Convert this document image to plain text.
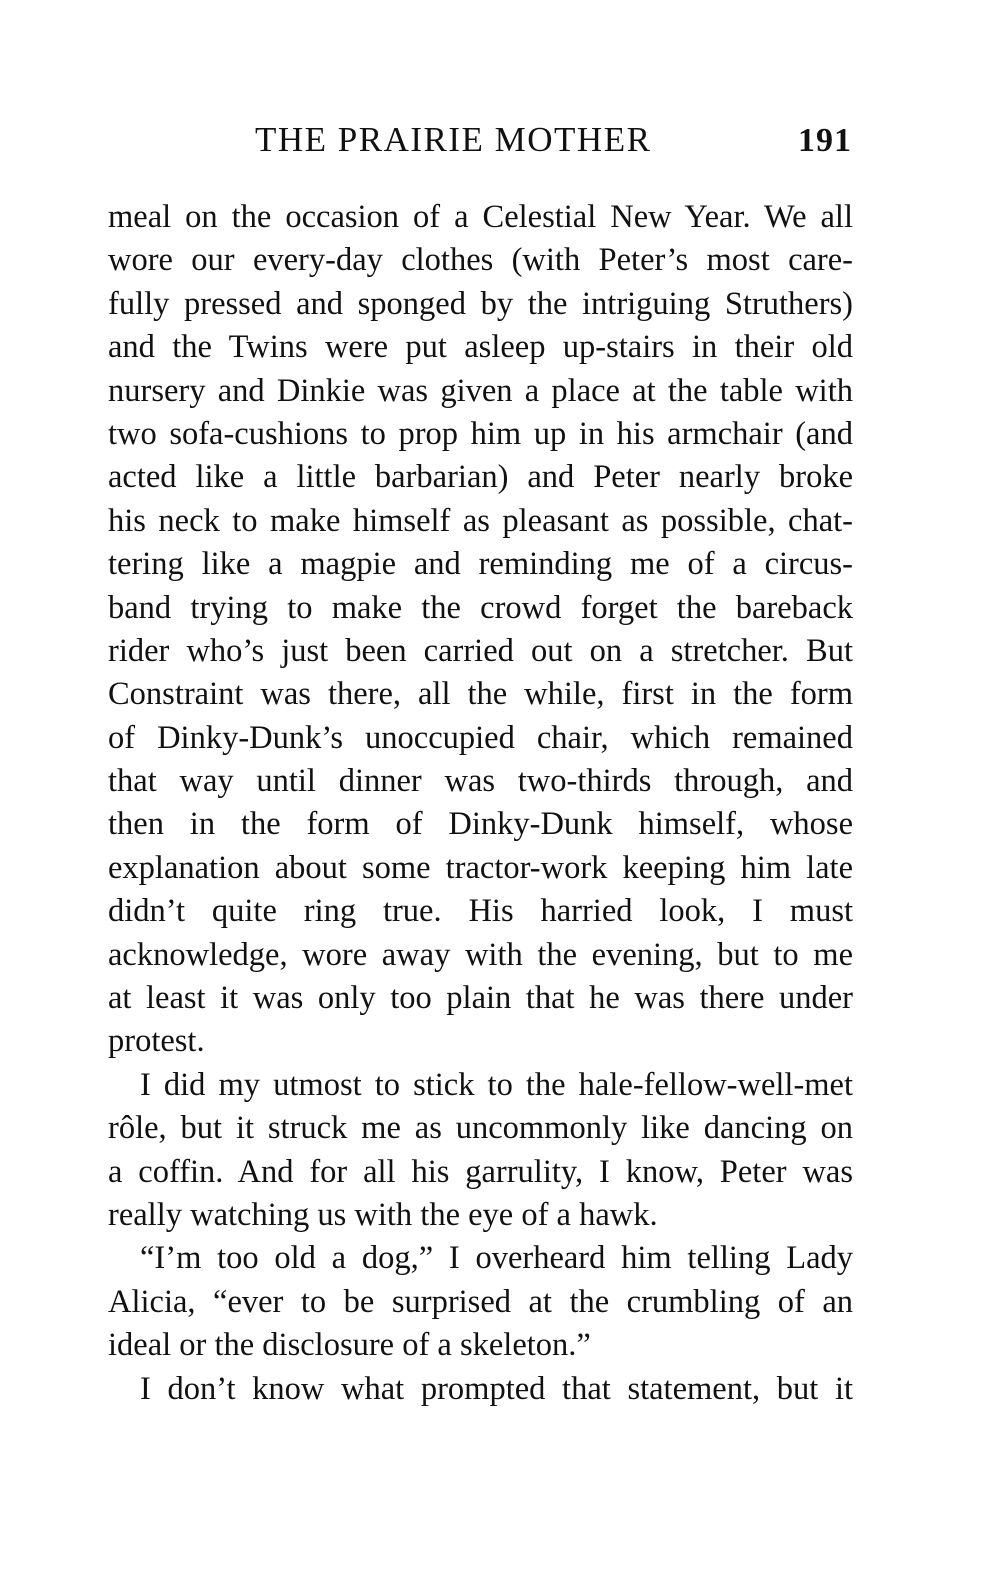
THE PRAIRIE MOTHER	191
meal on the occasion of a Celestial New Year. We all
wore our every-day clothes (with Peter’s most care-
fully pressed and sponged by the intriguing Struthers)
and the Twins were put asleep up-stairs in their old
nursery and Dinkie was given a place at the table with
two sofa-cushions to prop him up in his armchair (and
acted like a little barbarian) and Peter nearly broke
his neck to make himself as pleasant as possible, chat-
tering like a magpie and reminding me of a circus-
band trying to make the crowd forget the bareback
rider who’s just been carried out on a stretcher. But
Constraint was there, all the while, first in the form
of Dinky-Dunk’s unoccupied chair, which remained
that way until dinner was two-thirds through, and
then in the form of Dinky-Dunk himself, whose
explanation about some tractor-work keeping him late
didn’t quite ring true. His harried look, I must
acknowledge, wore away with the evening, but to me
at least it was only too plain that he was there under
protest.
I did my utmost to stick to the hale-fellow-well-met
rôle, but it struck me as uncommonly like dancing on
a coffin. And for all his garrulity, I know, Peter was
really watching us with the eye of a hawk.
“I’m too old a dog,” I overheard him telling Lady
Alicia, “ever to be surprised at the crumbling of an
ideal or the disclosure of a skeleton.”
I don’t know what prompted that statement, but it
